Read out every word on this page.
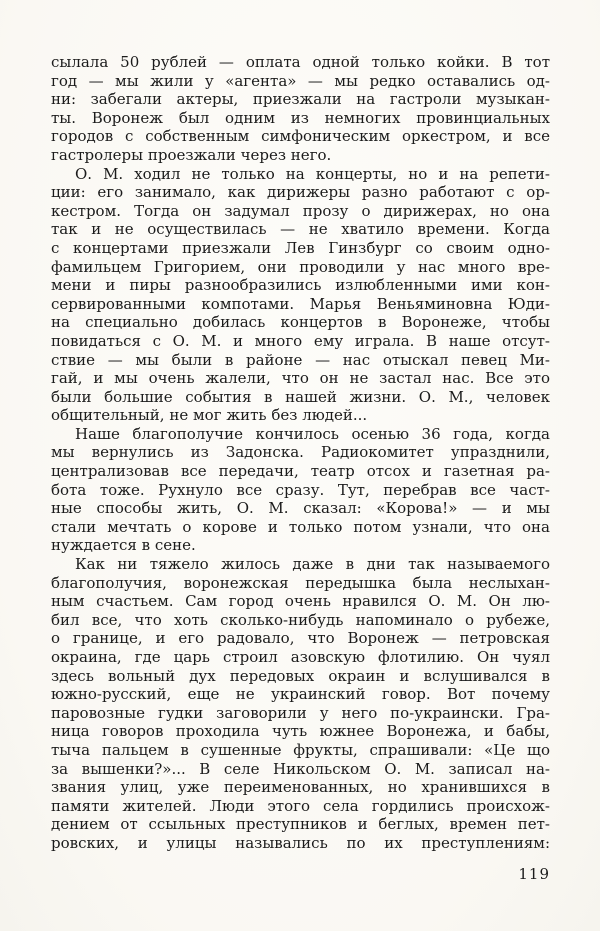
сылала 50 рублей — оплата одной только койки. В тот
год — мы жили у «агента» — мы редко оставались од-
ни: забегали актеры, приезжали на гастроли музыкан-
ты. Воронеж был одним из немногих провинциальных
городов с собственным симфоническим оркестром, и все
гастролеры проезжали через него.
О. М. ходил не только на концерты, но и на репети-
ции: его занимало, как дирижеры разно работают с ор-
кестром. Тогда он задумал прозу о дирижерах, но она
так и не осуществилась — не хватило времени. Когда
с концертами приезжали Лев Гинзбург со своим одно-
фамильцем Григорием, они проводили у нас много вре-
мени и пиры разнообразились излюбленными ими кон-
сервированными компотами. Марья Веньяминовна Юди-
на специально добилась концертов в Воронеже, чтобы
повидаться с О. М. и много ему играла. В наше отсут-
ствие — мы были в районе — нас отыскал певец Ми-
гай, и мы очень жалели, что он не застал нас. Все это
были большие события в нашей жизни. О. М., человек
общительный, не мог жить без людей...
Наше благополучие кончилось осенью 36 года, когда
мы вернулись из Задонска. Радиокомитет упразднили,
централизовав все передачи, театр отсох и газетная ра-
бота тоже. Рухнуло все сразу. Тут, перебрав все част-
ные способы жить, О. М. сказал: «Корова!» — и мы
стали мечтать о корове и только потом узнали, что она
нуждается в сене.
Как ни тяжело жилось даже в дни так называемого
благополучия, воронежская передышка была неслыхан-
ным счастьем. Сам город очень нравился О. М. Он лю-
бил все, что хоть сколько-нибудь напоминало о рубеже,
о границе, и его радовало, что Воронеж — петровская
окраина, где царь строил азовскую флотилию. Он чуял
здесь вольный дух передовых окраин и вслушивался в
южно-русский, еще не украинский говор. Вот почему
паровозные гудки заговорили у него по-украински. Гра-
ница говоров проходила чуть южнее Воронежа, и бабы,
тыча пальцем в сушенные фрукты, спрашивали: «Це що
за вышенки?»... В селе Никольском О. М. записал на-
звания улиц, уже переименованных, но хранившихся в
памяти жителей. Люди этого села гордились происхож-
дением от ссыльных преступников и беглых, времен пет-
ровских, и улицы назывались по их преступлениям:
119
